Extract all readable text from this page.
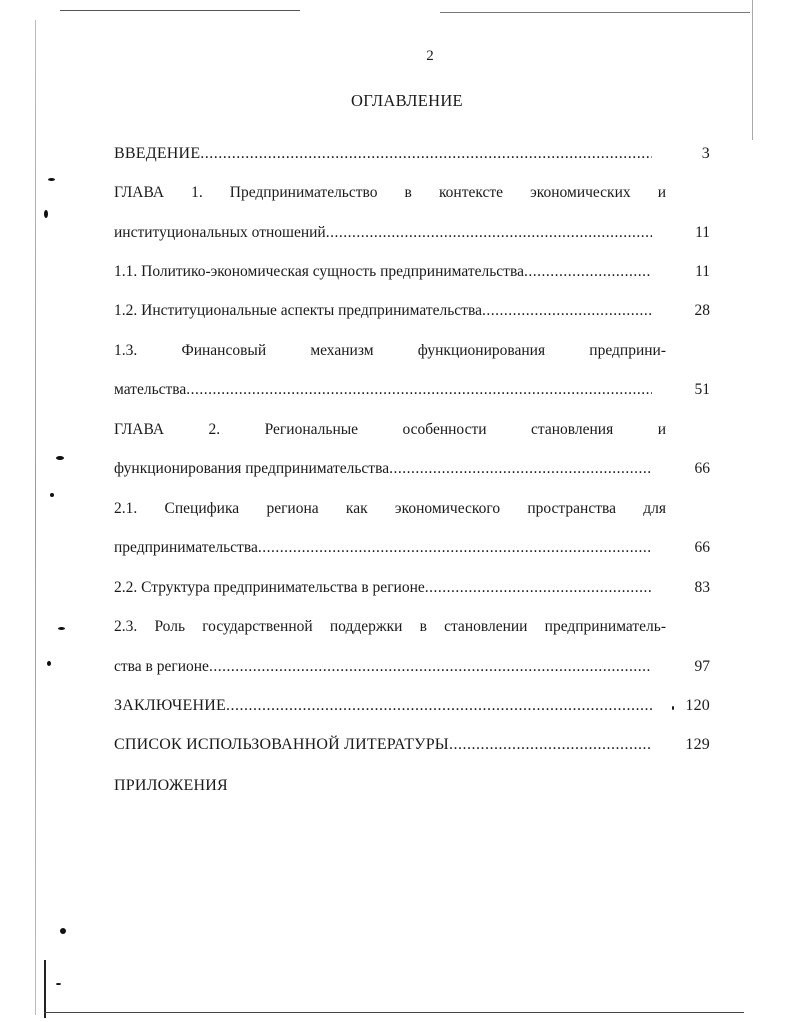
2
ОГЛАВЛЕНИЕ
ВВЕДЕНИЕ .....	3
ГЛАВА 1. Предпринимательство в контексте экономических и
институциональных отношений .....	11
1.1. Политико-экономическая сущность предпринимательства .....	11
1.2. Институциональные аспекты предпринимательства .....	28
1.3. Финансовый механизм функционирования предприни-
мательства .....	51
ГЛАВА 2. Региональные особенности становления и
функционирования предпринимательства .....	66
2.1. Специфика региона как экономического пространства для
предпринимательства .....	66
2.2. Структура предпринимательства в регионе .....	83
2.3. Роль государственной поддержки в становлении предприниматель-
ства в регионе .....	97
ЗАКЛЮЧЕНИЕ .....	120
СПИСОК ИСПОЛЬЗОВАННОЙ ЛИТЕРАТУРЫ .....	129
ПРИЛОЖЕНИЯ
